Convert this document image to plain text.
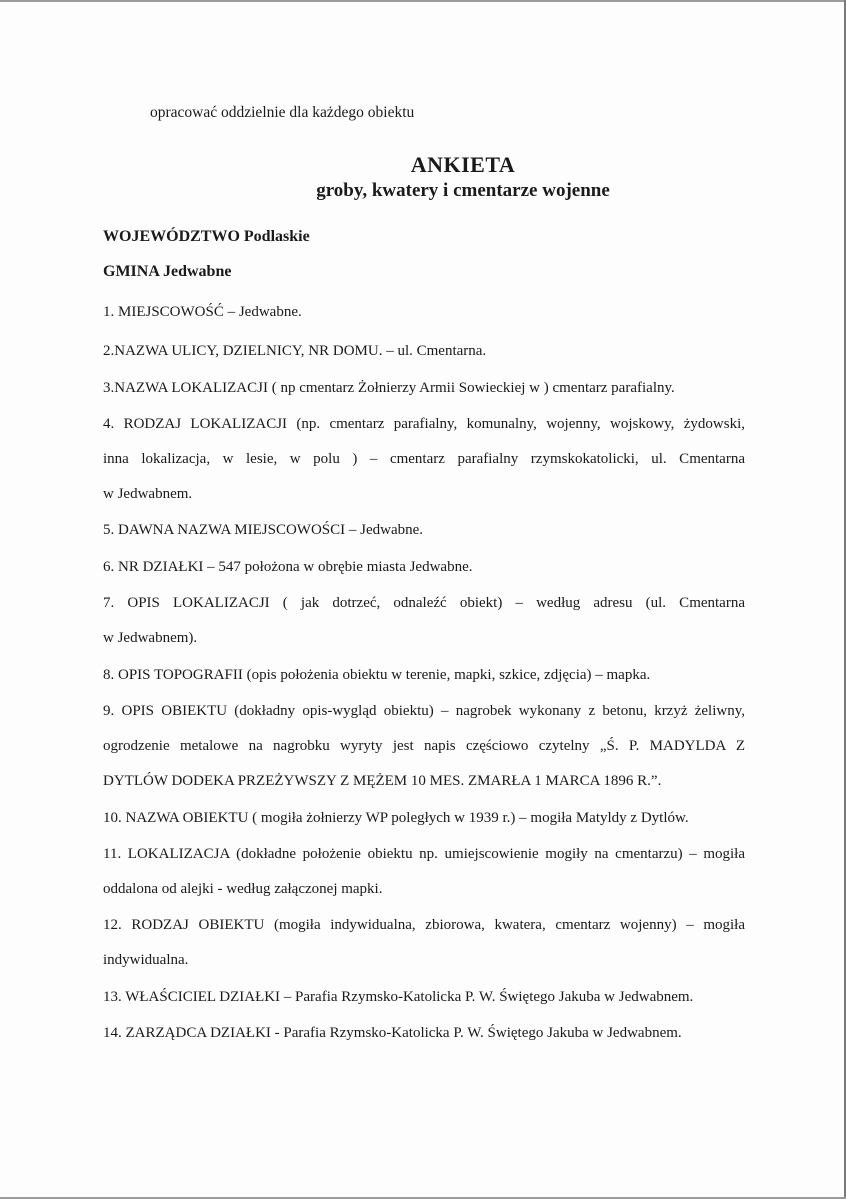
opracować oddzielnie dla każdego obiektu
ANKIETA
groby, kwatery i cmentarze wojenne
WOJEWÓDZTWO Podlaskie
GMINA Jedwabne
1. MIEJSCOWOŚĆ – Jedwabne.
2.NAZWA ULICY, DZIELNICY, NR DOMU. – ul. Cmentarna.
3.NAZWA LOKALIZACJI ( np cmentarz Żołnierzy Armii Sowieckiej w ) cmentarz parafialny.
4. RODZAJ LOKALIZACJI (np. cmentarz parafialny, komunalny, wojenny, wojskowy, żydowski,
inna lokalizacja, w lesie, w polu ) – cmentarz parafialny rzymskokatolicki, ul. Cmentarna
w Jedwabnem.
5. DAWNA NAZWA MIEJSCOWOŚCI – Jedwabne.
6. NR DZIAŁKI – 547 położona w obrębie miasta Jedwabne.
7. OPIS LOKALIZACJI ( jak dotrzeć, odnaleźć obiekt) – według adresu (ul. Cmentarna
w Jedwabnem).
8. OPIS TOPOGRAFII (opis położenia obiektu w terenie, mapki, szkice, zdjęcia) – mapka.
9. OPIS OBIEKTU (dokładny opis-wygląd obiektu) – nagrobek wykonany z betonu, krzyż żeliwny,
ogrodzenie metalowe na nagrobku wyryty jest napis częściowo czytelny „Ś. P. MADYLDA Z
DYTLÓW DODEKA PRZEŻYWSZY Z MĘŻEM 10 MES. ZMARŁA 1 MARCA 1896 R.”.
10. NAZWA OBIEKTU ( mogiła żołnierzy WP poległych w 1939 r.) – mogiła Matyldy z Dytlów.
11. LOKALIZACJA (dokładne położenie obiektu np. umiejscowienie mogiły na cmentarzu) – mogiła
oddalona od alejki - według załączonej mapki.
12. RODZAJ OBIEKTU (mogiła indywidualna, zbiorowa, kwatera, cmentarz wojenny) – mogiła
indywidualna.
13. WŁAŚCICIEL DZIAŁKI – Parafia Rzymsko-Katolicka P. W. Świętego Jakuba w Jedwabnem.
14. ZARZĄDCA DZIAŁKI - Parafia Rzymsko-Katolicka P. W. Świętego Jakuba w Jedwabnem.
